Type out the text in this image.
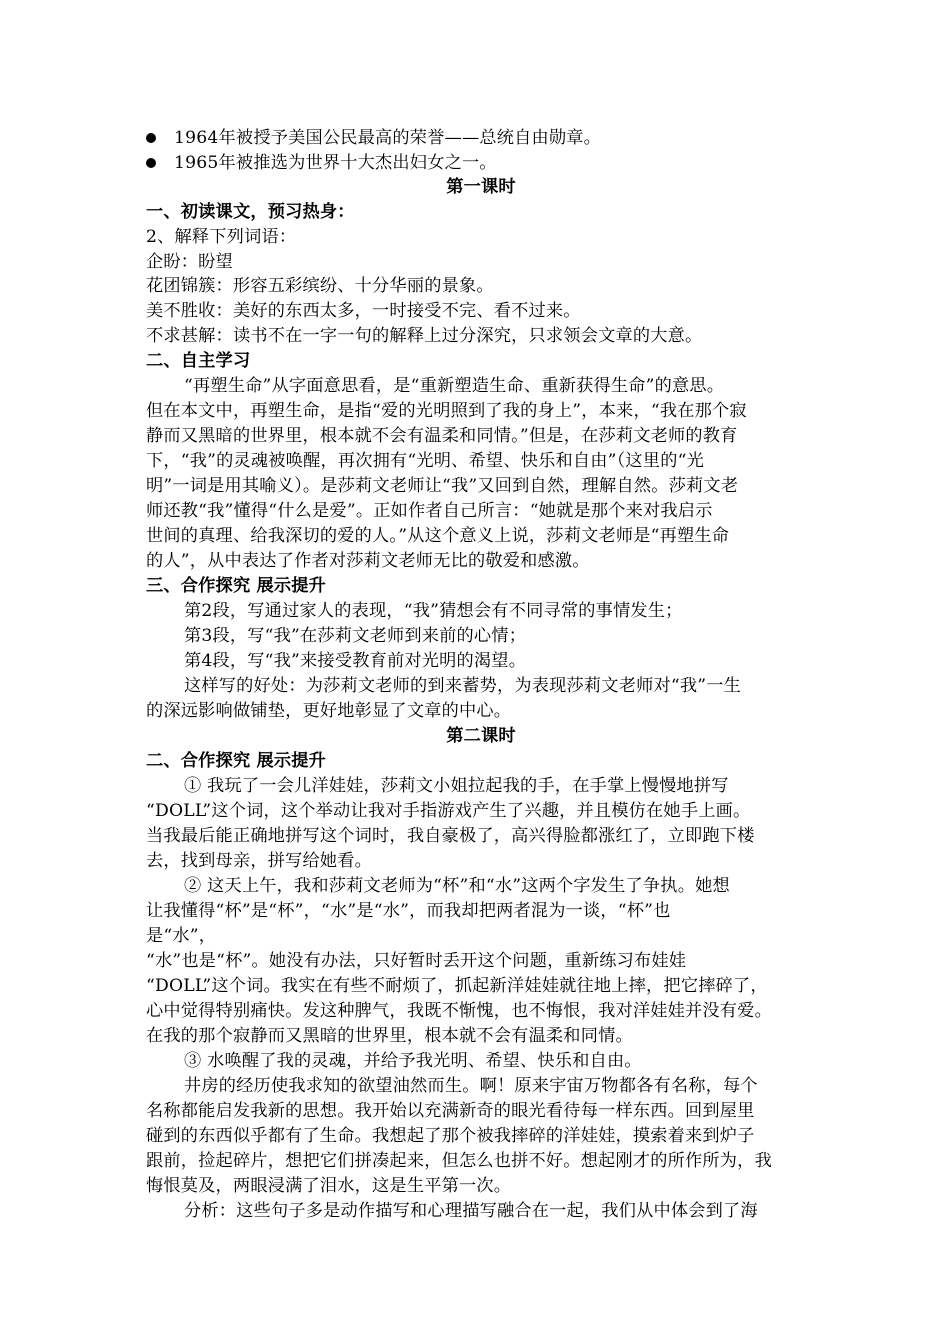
1964年被授予美国公民最高的荣誉——总统自由勋章。
1965年被推选为世界十大杰出妇女之一。
第一课时
一、初读课文，预习热身：
2、解释下列词语：
企盼：盼望
花团锦簇：形容五彩缤纷、十分华丽的景象。
美不胜收：美好的东西太多，一时接受不完、看不过来。
不求甚解：读书不在一字一句的解释上过分深究，只求领会文章的大意。
二、自主学习
“再塑生命”从字面意思看，是“重新塑造生命、重新获得生命”的意思。
但在本文中，再塑生命，是指“爱的光明照到了我的身上”，本来，“我在那个寂
静而又黑暗的世界里，根本就不会有温柔和同情。”但是，在莎莉文老师的教育
下，“我”的灵魂被唤醒，再次拥有“光明、希望、快乐和自由”（这里的“光
明”一词是用其喻义）。是莎莉文老师让“我”又回到自然，理解自然。莎莉文老
师还教“我”懂得“什么是爱”。正如作者自己所言：“她就是那个来对我启示
世间的真理、给我深切的爱的人。”从这个意义上说，莎莉文老师是“再塑生命
的人”，从中表达了作者对莎莉文老师无比的敬爱和感激。
三、合作探究 展示提升
第2段，写通过家人的表现，“我”猜想会有不同寻常的事情发生；
第3段，写“我”在莎莉文老师到来前的心情；
第4段，写“我”来接受教育前对光明的渴望。
这样写的好处：为莎莉文老师的到来蓄势，为表现莎莉文老师对“我”一生
的深远影响做铺垫，更好地彰显了文章的中心。
第二课时
二、合作探究 展示提升
① 我玩了一会儿洋娃娃，莎莉文小姐拉起我的手，在手掌上慢慢地拼写
“DOLL”这个词，这个举动让我对手指游戏产生了兴趣，并且模仿在她手上画。
当我最后能正确地拼写这个词时，我自豪极了，高兴得脸都涨红了，立即跑下楼
去，找到母亲，拼写给她看。
② 这天上午，我和莎莉文老师为“杯”和“水”这两个字发生了争执。她想
让我懂得“杯”是“杯”，“水”是“水”，而我却把两者混为一谈，“杯”也
是“水”，
“水”也是“杯”。她没有办法，只好暂时丢开这个问题，重新练习布娃娃
“DOLL”这个词。我实在有些不耐烦了，抓起新洋娃娃就往地上摔，把它摔碎了，
心中觉得特别痛快。发这种脾气，我既不惭愧，也不悔恨，我对洋娃娃并没有爱。
在我的那个寂静而又黑暗的世界里，根本就不会有温柔和同情。
③ 水唤醒了我的灵魂，并给予我光明、希望、快乐和自由。
井房的经历使我求知的欲望油然而生。啊！原来宇宙万物都各有名称，每个
名称都能启发我新的思想。我开始以充满新奇的眼光看待每一样东西。回到屋里
碰到的东西似乎都有了生命。我想起了那个被我摔碎的洋娃娃，摸索着来到炉子
跟前，捡起碎片，想把它们拼凑起来，但怎么也拼不好。想起刚才的所作所为，我
悔恨莫及，两眼浸满了泪水，这是生平第一次。
分析：这些句子多是动作描写和心理描写融合在一起，我们从中体会到了海
